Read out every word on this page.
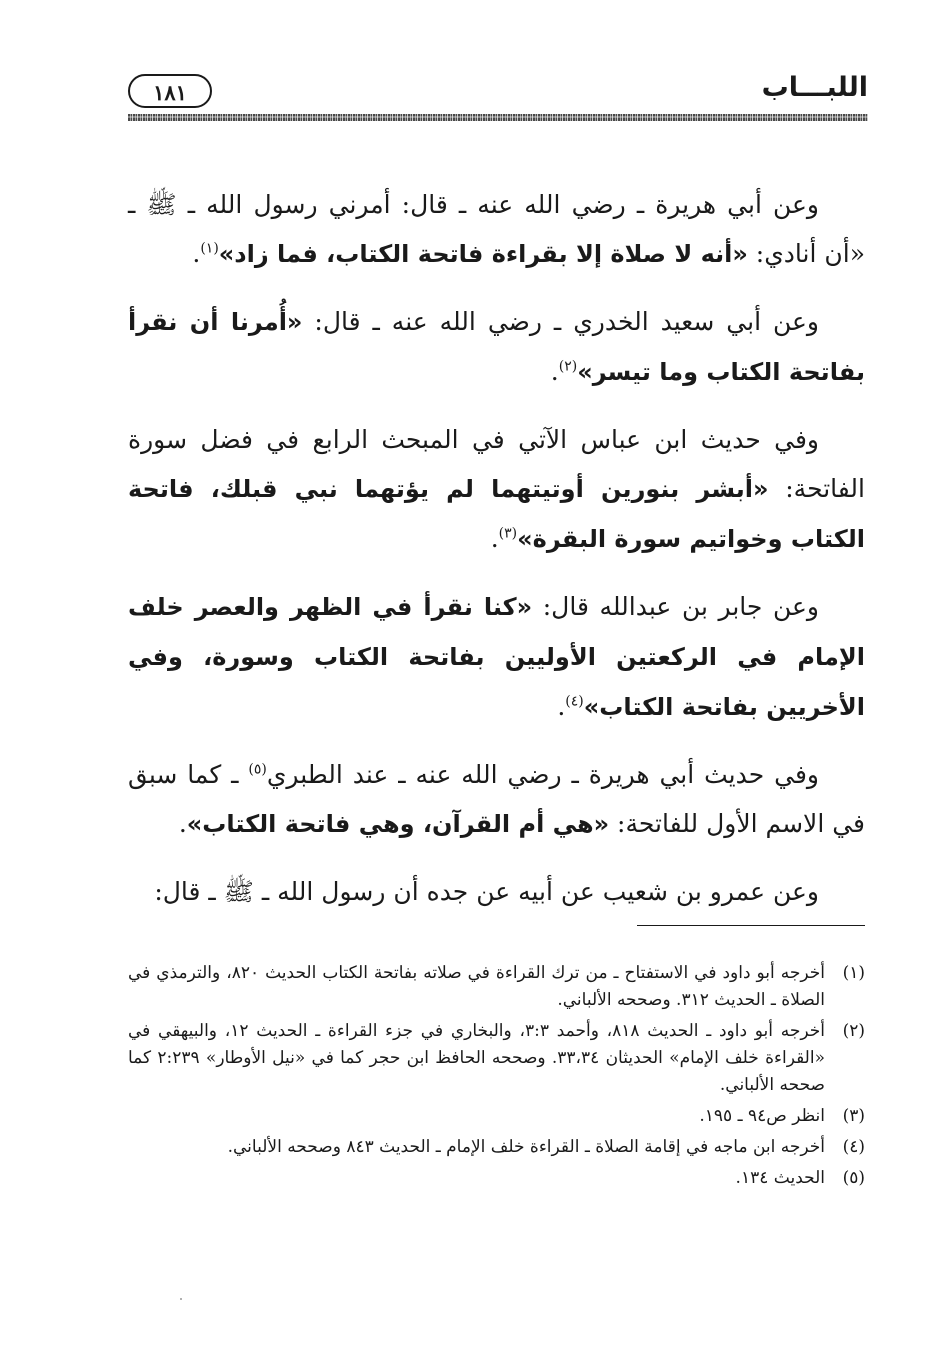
اللبـــاب
١٨١

وعن أبي هريرة ـ رضي الله عنه ـ قال: أمرني رسول الله ـ ﷺ ـ «أن أنادي: «أنه لا صلاة إلا بقراءة فاتحة الكتاب، فما زاد»$^{(١)}$.

وعن أبي سعيد الخدري ـ رضي الله عنه ـ قال: «أُمرنا أن نقرأ بفاتحة الكتاب وما تيسر»$^{(٢)}$.

وفي حديث ابن عباس الآتي في المبحث الرابع في فضل سورة الفاتحة: «أبشر بنورين أوتيتهما لم يؤتهما نبي قبلك، فاتحة الكتاب وخواتيم سورة البقرة»$^{(٣)}$.

وعن جابر بن عبدالله قال: «كنا نقرأ في الظهر والعصر خلف الإمام في الركعتين الأوليين بفاتحة الكتاب وسورة، وفي الأخريين بفاتحة الكتاب»$^{(٤)}$.

وفي حديث أبي هريرة ـ رضي الله عنه ـ عند الطبري$^{(٥)}$ ـ كما سبق في الاسم الأول للفاتحة: «هي أم القرآن، وهي فاتحة الكتاب».

وعن عمرو بن شعيب عن أبيه عن جده أن رسول الله ـ ﷺ ـ قال:

(١)
أخرجه أبو داود في الاستفتاح ـ من ترك القراءة في صلاته بفاتحة الكتاب الحديث ٨٢٠، والترمذي في الصلاة ـ الحديث ٣١٢. وصححه الألباني.
(٢)
أخرجه أبو داود ـ الحديث ٨١٨، وأحمد ٣:٣، والبخاري في جزء القراءة ـ الحديث ١٢، والبيهقي في «القراءة خلف الإمام» الحديثان ٣٣،٣٤. وصححه الحافظ ابن حجر كما في «نيل الأوطار» ٢:٢٣٩ كما صححه الألباني.
(٣)
انظر ص٩٤ ـ ١٩٥.
(٤)
أخرجه ابن ماجه في إقامة الصلاة ـ القراءة خلف الإمام ـ الحديث ٨٤٣ وصححه الألباني.
(٥)
الحديث ١٣٤.
